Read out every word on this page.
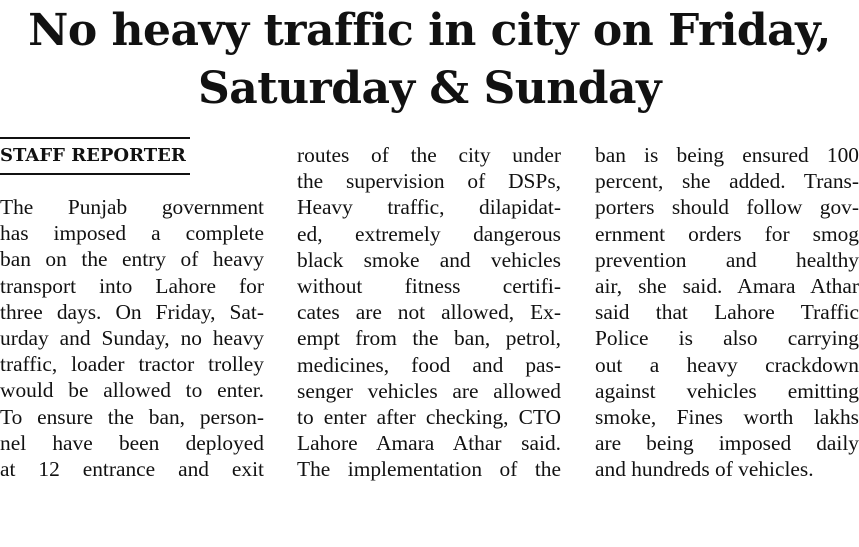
No heavy traffic in city on Friday,
Saturday & Sunday
STAFF REPORTER
The Punjab government
has imposed a complete
ban on the entry of heavy
transport into Lahore for
three days. On Friday, Sat-
urday and Sunday, no heavy
traffic, loader tractor trolley
would be allowed to enter.
To ensure the ban, person-
nel have been deployed
at 12 entrance and exit
routes of the city under
the supervision of DSPs,
Heavy traffic, dilapidat-
ed, extremely dangerous
black smoke and vehicles
without fitness certifi-
cates are not allowed, Ex-
empt from the ban, petrol,
medicines, food and pas-
senger vehicles are allowed
to enter after checking, CTO
Lahore Amara Athar said.
The implementation of the
ban is being ensured 100
percent, she added. Trans-
porters should follow gov-
ernment orders for smog
prevention and healthy
air, she said. Amara Athar
said that Lahore Traffic
Police is also carrying
out a heavy crackdown
against vehicles emitting
smoke, Fines worth lakhs
are being imposed daily
and hundreds of vehicles.
